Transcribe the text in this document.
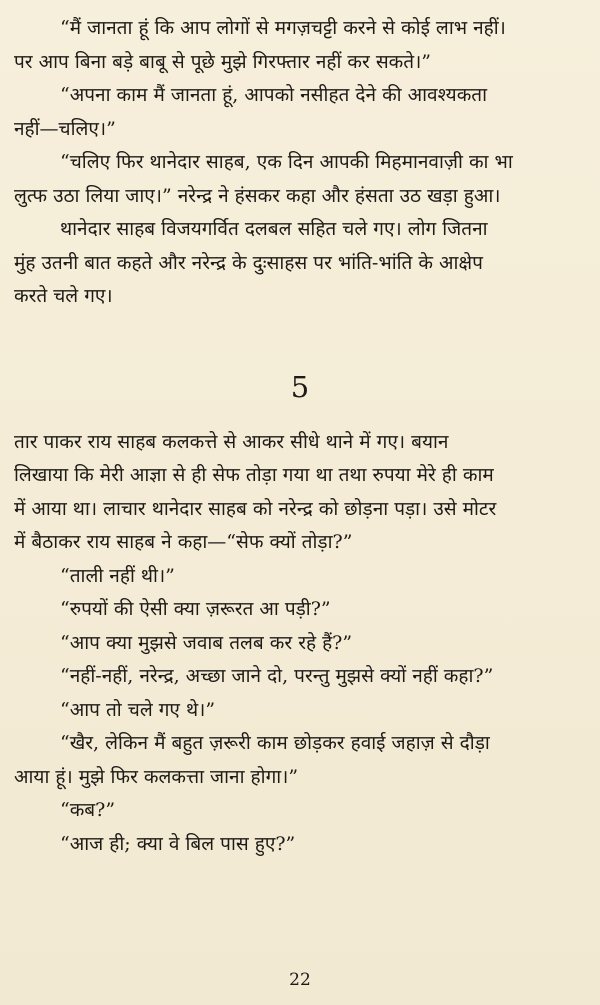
“मैं जानता हूं कि आप लोगों से मगज़चट्टी करने से कोई लाभ नहीं।
पर आप बिना बड़े बाबू से पूछे मुझे गिरफ्तार नहीं कर सकते।”
“अपना काम मैं जानता हूं, आपको नसीहत देने की आवश्यकता
नहीं—चलिए।”
“चलिए फिर थानेदार साहब, एक दिन आपकी मिहमानवाज़ी का भा
लुत्फ उठा लिया जाए।” नरेन्द्र ने हंसकर कहा और हंसता उठ खड़ा हुआ।
थानेदार साहब विजयगर्वित दलबल सहित चले गए। लोग जितना
मुंह उतनी बात कहते और नरेन्द्र के दुःसाहस पर भांति-भांति के आक्षेप
करते चले गए।
5
तार पाकर राय साहब कलकत्ते से आकर सीधे थाने में गए। बयान
लिखाया कि मेरी आज्ञा से ही सेफ तोड़ा गया था तथा रुपया मेरे ही काम
में आया था। लाचार थानेदार साहब को नरेन्द्र को छोड़ना पड़ा। उसे मोटर
में बैठाकर राय साहब ने कहा—“सेफ क्यों तोड़ा?”
“ताली नहीं थी।”
“रुपयों की ऐसी क्या ज़रूरत आ पड़ी?”
“आप क्या मुझसे जवाब तलब कर रहे हैं?”
“नहीं-नहीं, नरेन्द्र, अच्छा जाने दो, परन्तु मुझसे क्यों नहीं कहा?”
“आप तो चले गए थे।”
“खैर, लेकिन मैं बहुत ज़रूरी काम छोड़कर हवाई जहाज़ से दौड़ा
आया हूं। मुझे फिर कलकत्ता जाना होगा।”
“कब?”
“आज ही; क्या वे बिल पास हुए?”
22
